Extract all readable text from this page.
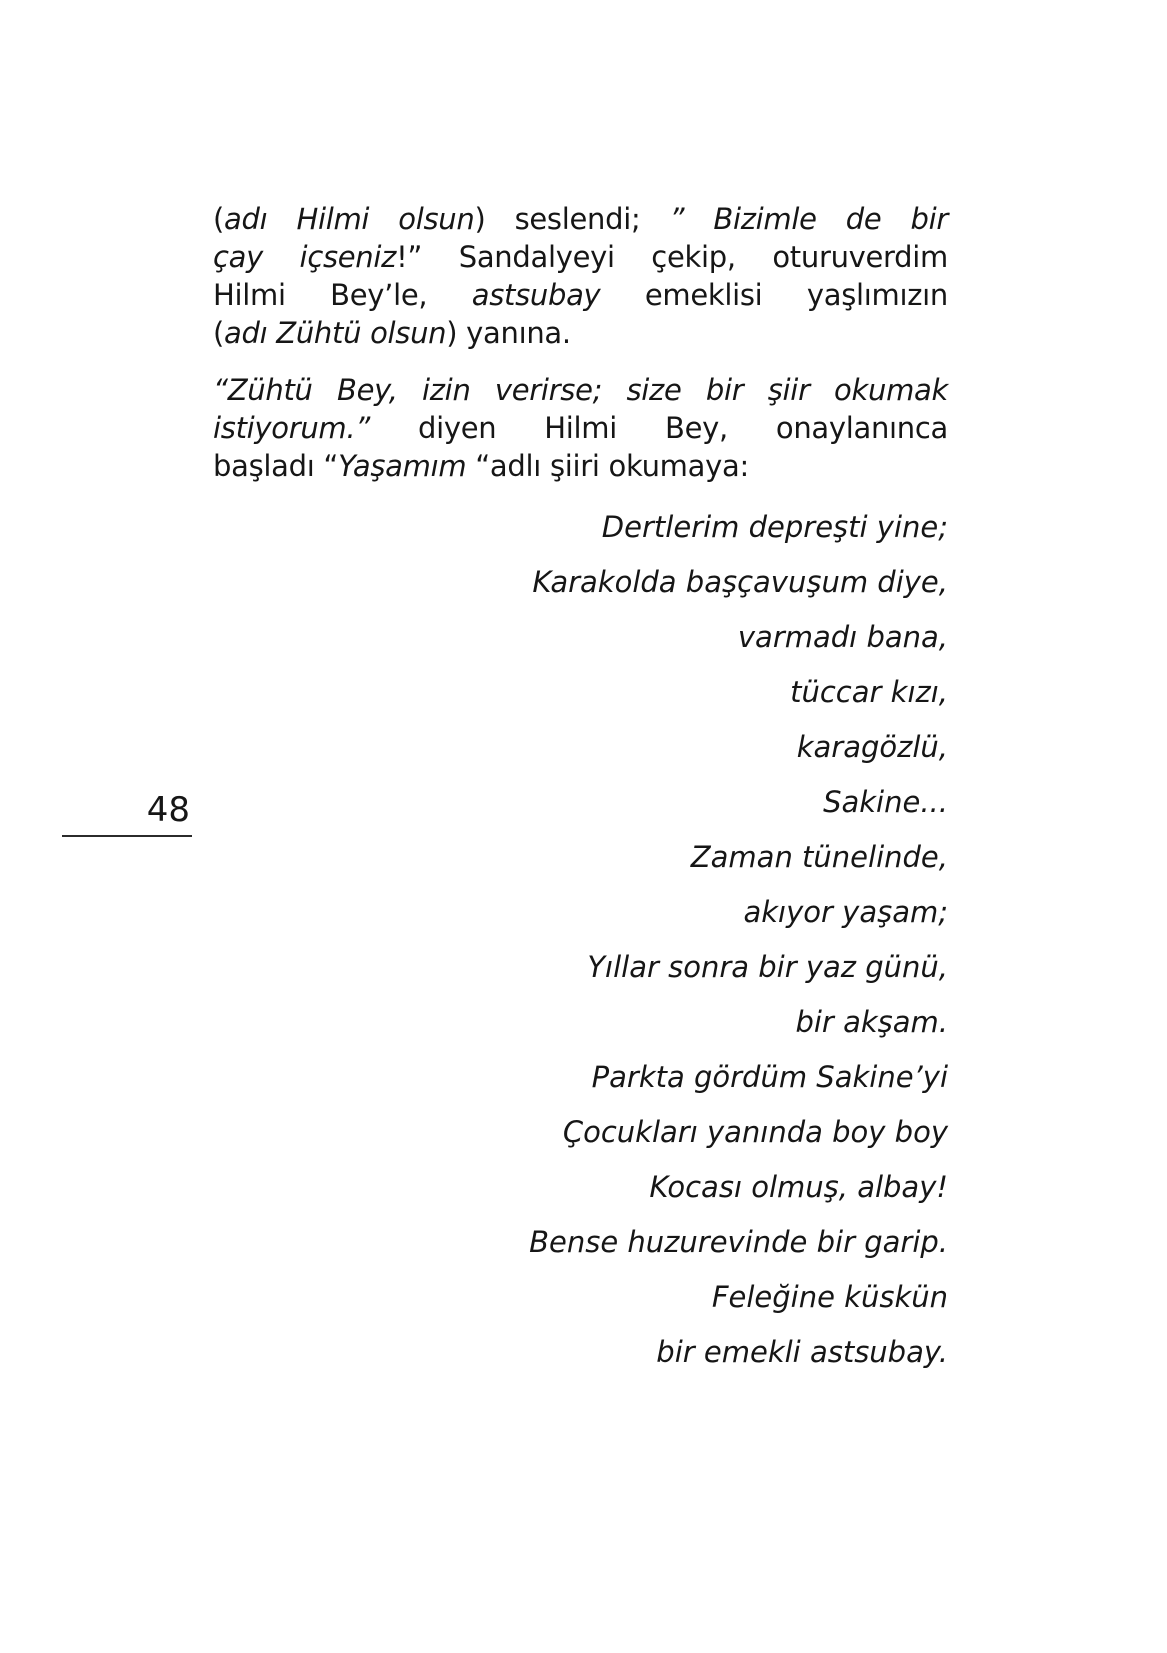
48
(adı Hilmi olsun) seslendi; ” Bizimle de bir
çay içseniz!” Sandalyeyi çekip, oturuverdim
Hilmi Bey’le, astsubay emeklisi yaşlımızın
(adı Zühtü olsun) yanına.
“Zühtü Bey, izin verirse; size bir şiir okumak
istiyorum.” diyen Hilmi Bey, onaylanınca
başladı “Yaşamım “adlı şiiri okumaya:
Dertlerim depreşti yine;
Karakolda başçavuşum diye,
varmadı bana,
tüccar kızı,
karagözlü,
Sakine...
Zaman tünelinde,
akıyor yaşam;
Yıllar sonra bir yaz günü,
bir akşam.
Parkta gördüm Sakine’yi
Çocukları yanında boy boy
Kocası olmuş, albay!
Bense huzurevinde bir garip.
Feleğine küskün
bir emekli astsubay.
